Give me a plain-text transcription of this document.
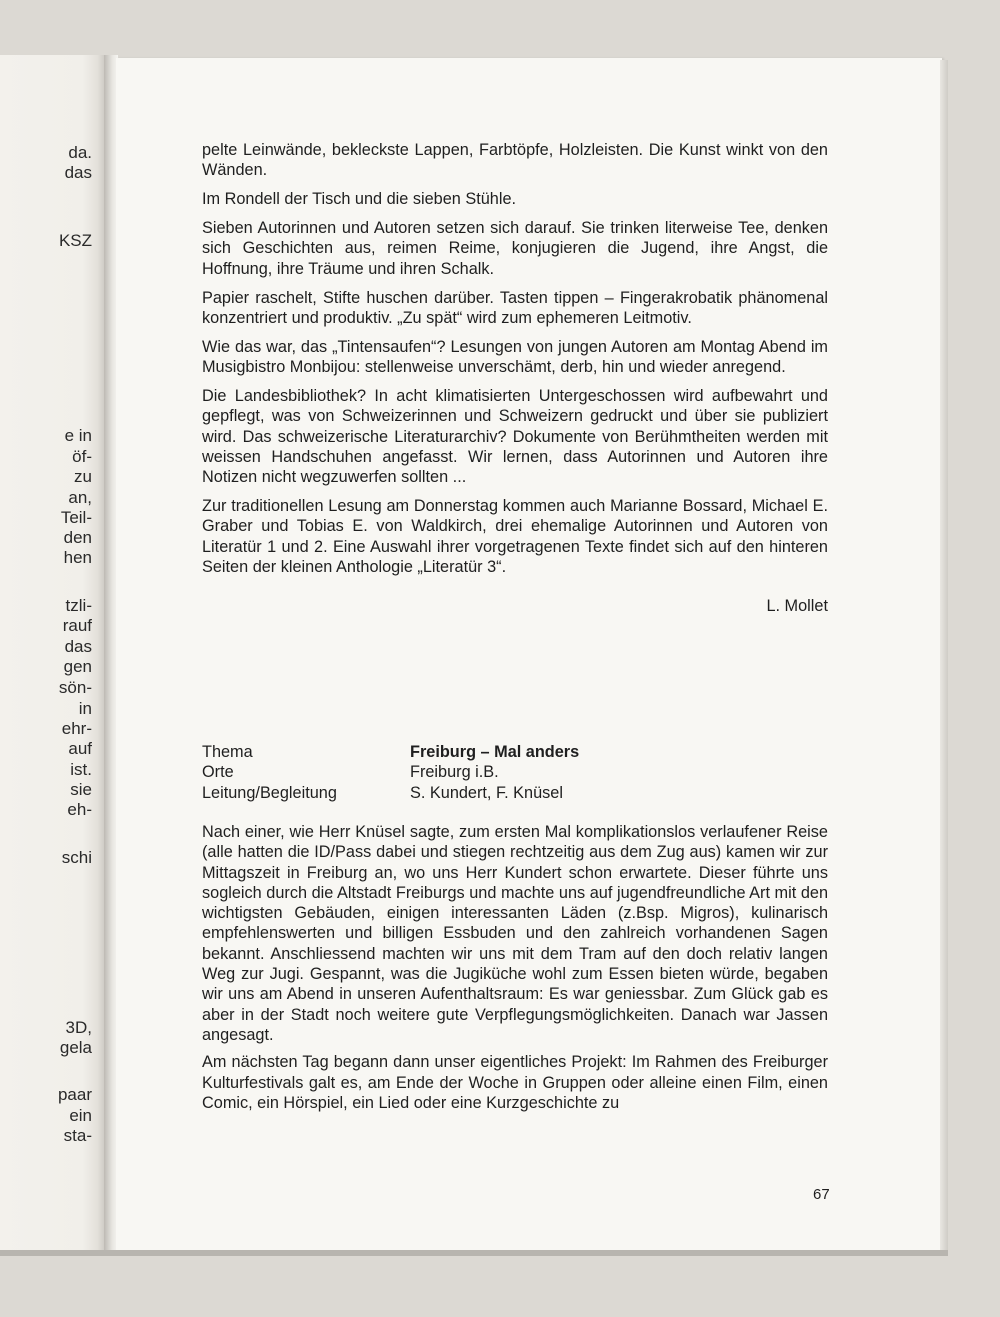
da.
das
KSZ
e in
öf-
zu
an,
Teil-
den
hen
tzli-
rauf
das
gen
sön-
in
ehr-
auf
ist.
sie
eh-
schi
3D,
gela
paar
ein
sta-

pelte Leinwände, bekleckste Lappen, Farbtöpfe, Holzleisten. Die Kunst winkt von den Wänden.

Im Rondell der Tisch und die sieben Stühle.

Sieben Autorinnen und Autoren setzen sich darauf. Sie trinken literweise Tee, denken sich Geschichten aus, reimen Reime, konjugieren die Jugend, ihre Angst, die Hoffnung, ihre Träume und ihren Schalk.

Papier raschelt, Stifte huschen darüber. Tasten tippen – Fingerakrobatik phänomenal konzentriert und produktiv. „Zu spät“ wird zum ephemeren Leitmotiv.

Wie das war, das „Tintensaufen“? Lesungen von jungen Autoren am Montag Abend im Musigbistro Monbijou: stellenweise unverschämt, derb, hin und wieder anregend.

Die Landesbibliothek? In acht klimatisierten Untergeschossen wird aufbewahrt und gepflegt, was von Schweizerinnen und Schweizern gedruckt und über sie publiziert wird. Das schweizerische Literaturarchiv? Dokumente von Berühmtheiten werden mit weissen Handschuhen angefasst. Wir lernen, dass Autorinnen und Autoren ihre Notizen nicht wegzuwerfen sollten ...

Zur traditionellen Lesung am Donnerstag kommen auch Marianne Bossard, Michael E. Graber und Tobias E. von Waldkirch, drei ehemalige Autorinnen und Autoren von Literatür 1 und 2. Eine Auswahl ihrer vorgetragenen Texte findet sich auf den hinteren Seiten der kleinen Anthologie „Literatür 3“.

L. Mollet

Thema	Freiburg – Mal anders
Orte	Freiburg i.B.
Leitung/Begleitung	S. Kundert, F. Knüsel

Nach einer, wie Herr Knüsel sagte, zum ersten Mal komplikationslos verlaufener Reise (alle hatten die ID/Pass dabei und stiegen rechtzeitig aus dem Zug aus) kamen wir zur Mittagszeit in Freiburg an, wo uns Herr Kundert schon erwartete. Dieser führte uns sogleich durch die Altstadt Freiburgs und machte uns auf jugendfreundliche Art mit den wichtigsten Gebäuden, einigen interessanten Läden (z.Bsp. Migros), kulinarisch empfehlenswerten und billigen Essbuden und den zahlreich vorhandenen Sagen bekannt. Anschliessend machten wir uns mit dem Tram auf den doch relativ langen Weg zur Jugi. Gespannt, was die Jugiküche wohl zum Essen bieten würde, begaben wir uns am Abend in unseren Aufenthaltsraum: Es war geniessbar. Zum Glück gab es aber in der Stadt noch weitere gute Verpflegungsmöglichkeiten. Danach war Jassen angesagt.

Am nächsten Tag begann dann unser eigentliches Projekt: Im Rahmen des Freiburger Kulturfestivals galt es, am Ende der Woche in Gruppen oder alleine einen Film, einen Comic, ein Hörspiel, ein Lied oder eine Kurzgeschichte zu

67
